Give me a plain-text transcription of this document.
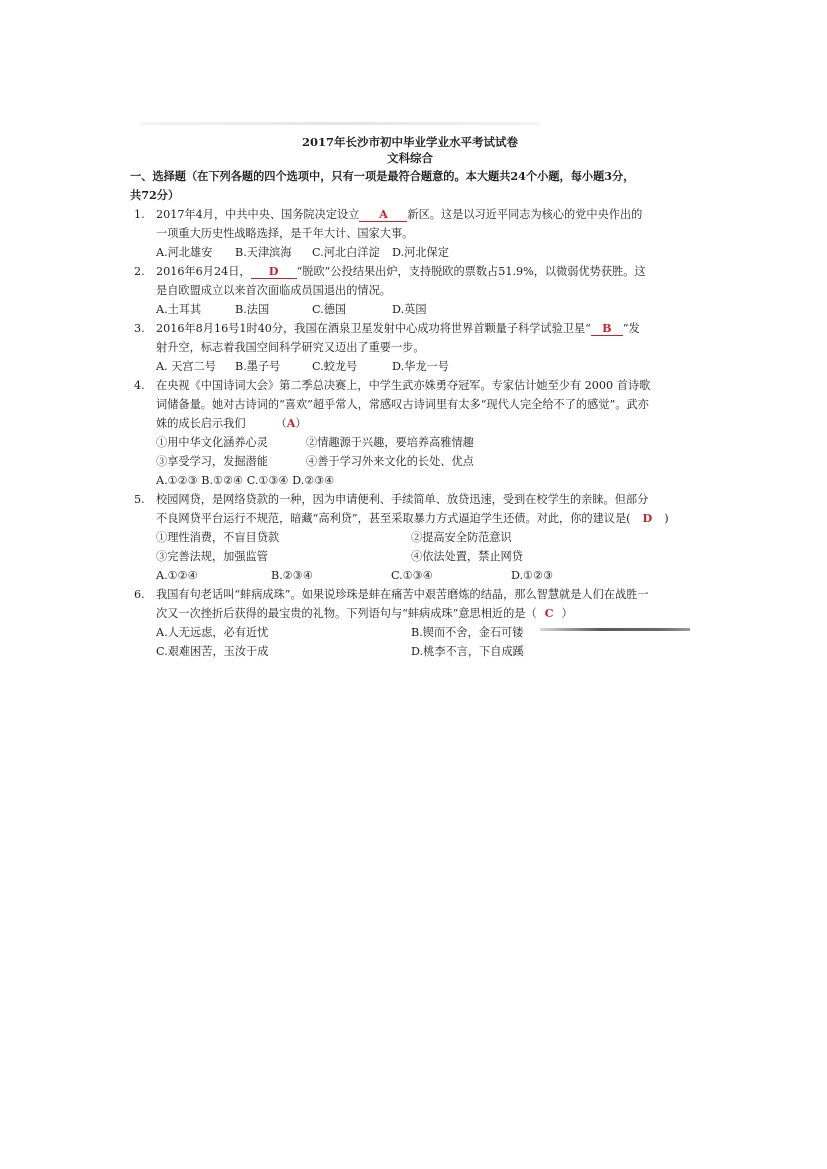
2017年长沙市初中毕业学业水平考试试卷
文科综合
一、选择题（在下列各题的四个选项中，只有一项是最符合题意的。本大题共24个小题，每小题3分，
共72分）
1. 2017年4月，中共中央、国务院决定设立 A 新区。这是以习近平同志为核心的党中央作出的
一项重大历史性战略选择，是千年大计、国家大事。
A.河北雄安	B.天津滨海	C.河北白洋淀	D.河北保定
2. 2016年6月24日， D “脱欧”公投结果出炉，支持脱欧的票数占51.9%，以微弱优势获胜。这
是自欧盟成立以来首次面临成员国退出的情况。
A.土耳其	B.法国	C.德国	D.英国
3. 2016年8月16号1时40分，我国在酒泉卫星发射中心成功将世界首颗量子科学试验卫星“ B ”发
射升空，标志着我国空间科学研究又迈出了重要一步。
A. 天宫二号	B.墨子号	C.蛟龙号	D.华龙一号
4. 在央视《中国诗词大会》第二季总决赛上，中学生武亦姝勇夺冠军。专家估计她至少有 2000 首诗歌
词储备量。她对古诗词的“喜欢”超乎常人，常感叹古诗词里有太多“现代人完全给不了的感觉”。武亦
姝的成长启示我们	（A）
①用中华文化涵养心灵	②情趣源于兴趣，要培养高雅情趣
③享受学习，发掘潜能	④善于学习外来文化的长处、优点
A.①②③ B.①②④ C.①③④ D.②③④
5. 校园网贷，是网络贷款的一种，因为申请便利、手续简单、放贷迅速，受到在校学生的亲睐。但部分
不良网贷平台运行不规范，暗藏“高利贷”，甚至采取暴力方式逼迫学生还债。对此，你的建议是( D )
①理性消费，不盲目贷款	②提高安全防范意识
③完善法规，加强监管	④依法处置，禁止网贷
A.①②④	B.②③④	C.①③④	D.①②③
6. 我国有句老话叫“蚌病成珠”。如果说珍珠是蚌在痛苦中艰苦磨炼的结晶，那么智慧就是人们在战胜一
次又一次挫折后获得的最宝贵的礼物。下列语句与“蚌病成珠”意思相近的是（ C ）
A.人无远虑，必有近忧	B.锲而不舍，金石可镂
C.艰难困苦，玉汝于成	D.桃李不言，下自成蹊
